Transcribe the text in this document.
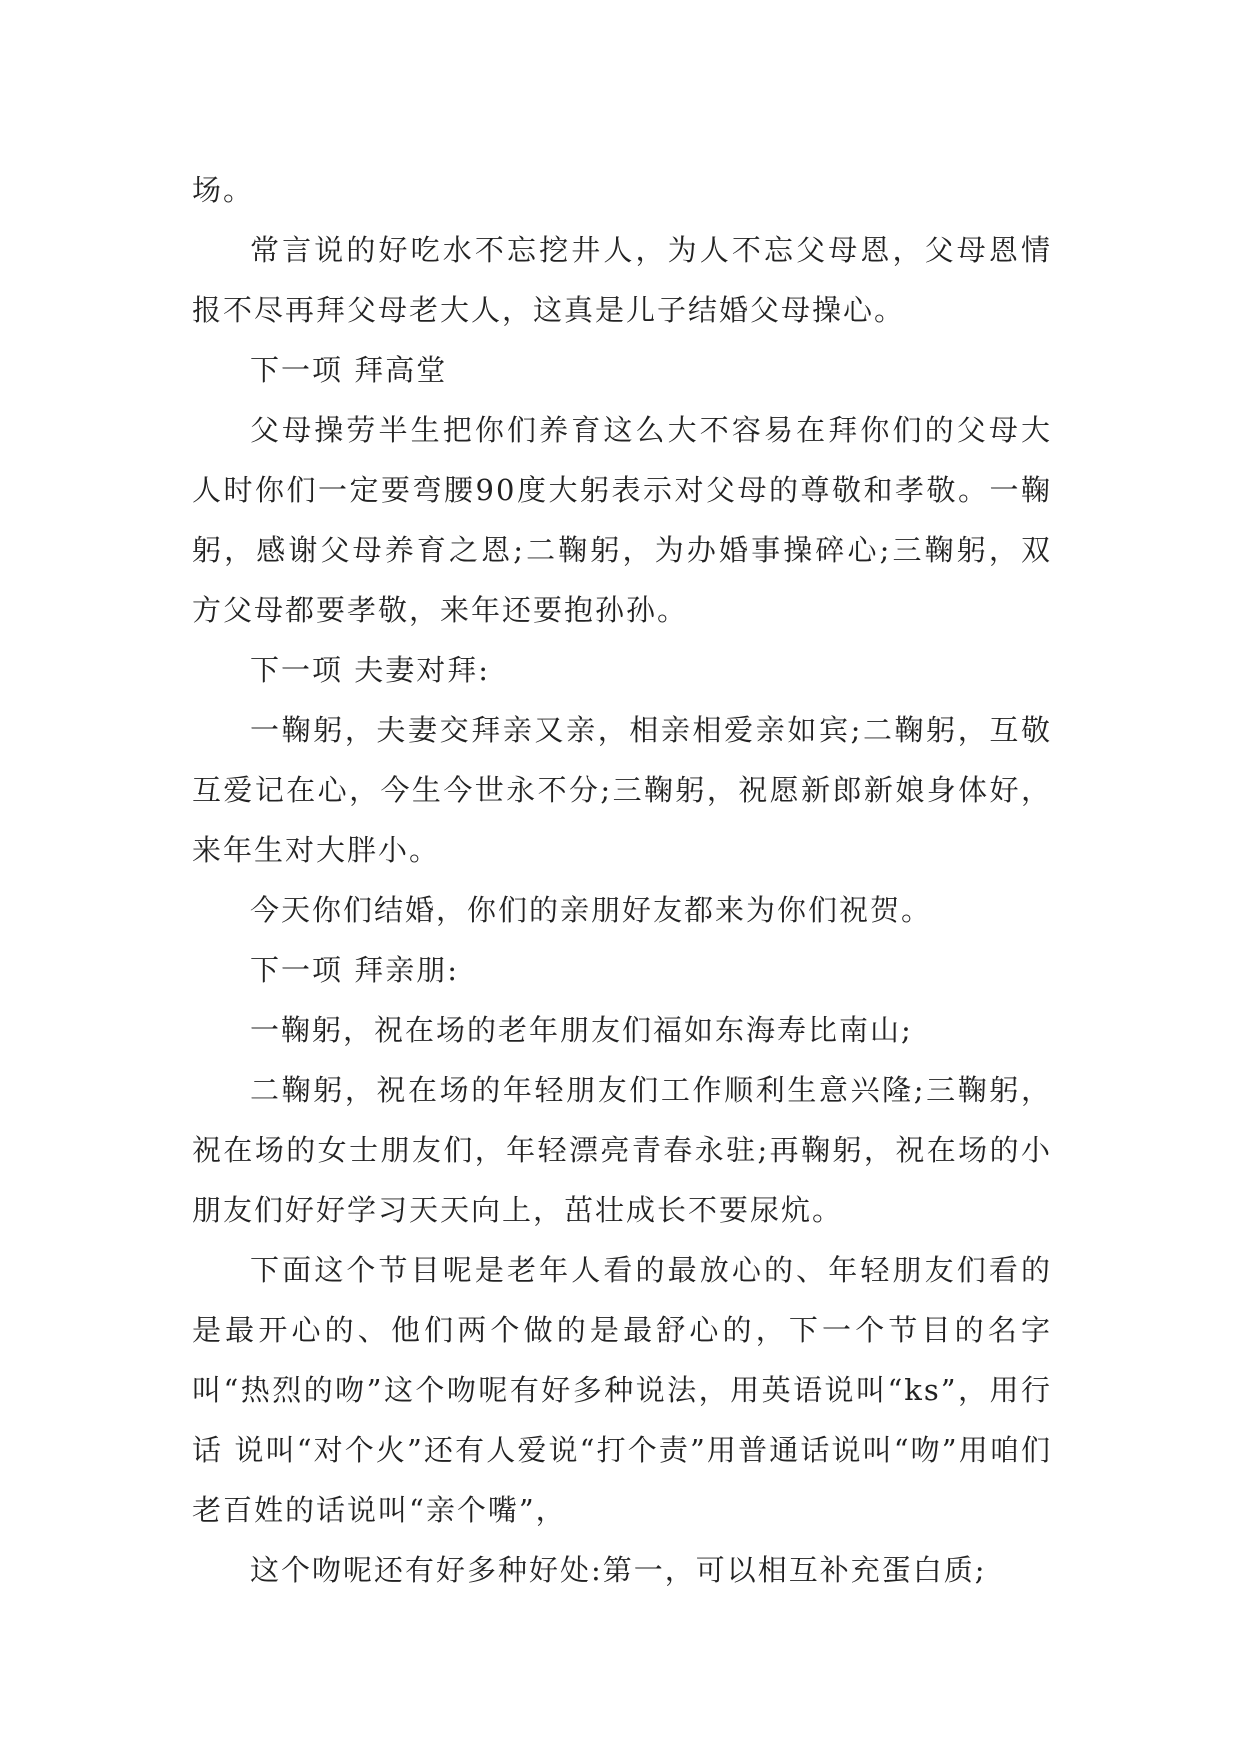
场。

常言说的好吃水不忘挖井人，为人不忘父母恩，父母恩情报不尽再拜父母老大人，这真是儿子结婚父母操心。

下一项 拜高堂

父母操劳半生把你们养育这么大不容易在拜你们的父母大人时你们一定要弯腰90度大躬表示对父母的尊敬和孝敬。一鞠躬，感谢父母养育之恩;二鞠躬，为办婚事操碎心;三鞠躬，双方父母都要孝敬，来年还要抱孙孙。

下一项 夫妻对拜:

一鞠躬，夫妻交拜亲又亲，相亲相爱亲如宾;二鞠躬，互敬互爱记在心，今生今世永不分;三鞠躬，祝愿新郎新娘身体好，来年生对大胖小。

今天你们结婚，你们的亲朋好友都来为你们祝贺。

下一项 拜亲朋:

一鞠躬，祝在场的老年朋友们福如东海寿比南山;

二鞠躬，祝在场的年轻朋友们工作顺利生意兴隆;三鞠躬，祝在场的女士朋友们，年轻漂亮青春永驻;再鞠躬，祝在场的小朋友们好好学习天天向上，茁壮成长不要尿炕。

下面这个节目呢是老年人看的最放心的、年轻朋友们看的是最开心的、他们两个做的是最舒心的，下一个节目的名字叫“热烈的吻”这个吻呢有好多种说法，用英语说叫“ks”，用行话 说叫“对个火”还有人爱说“打个责”用普通话说叫“吻”用咱们老百姓的话说叫“亲个嘴”，

这个吻呢还有好多种好处:第一，可以相互补充蛋白质;
